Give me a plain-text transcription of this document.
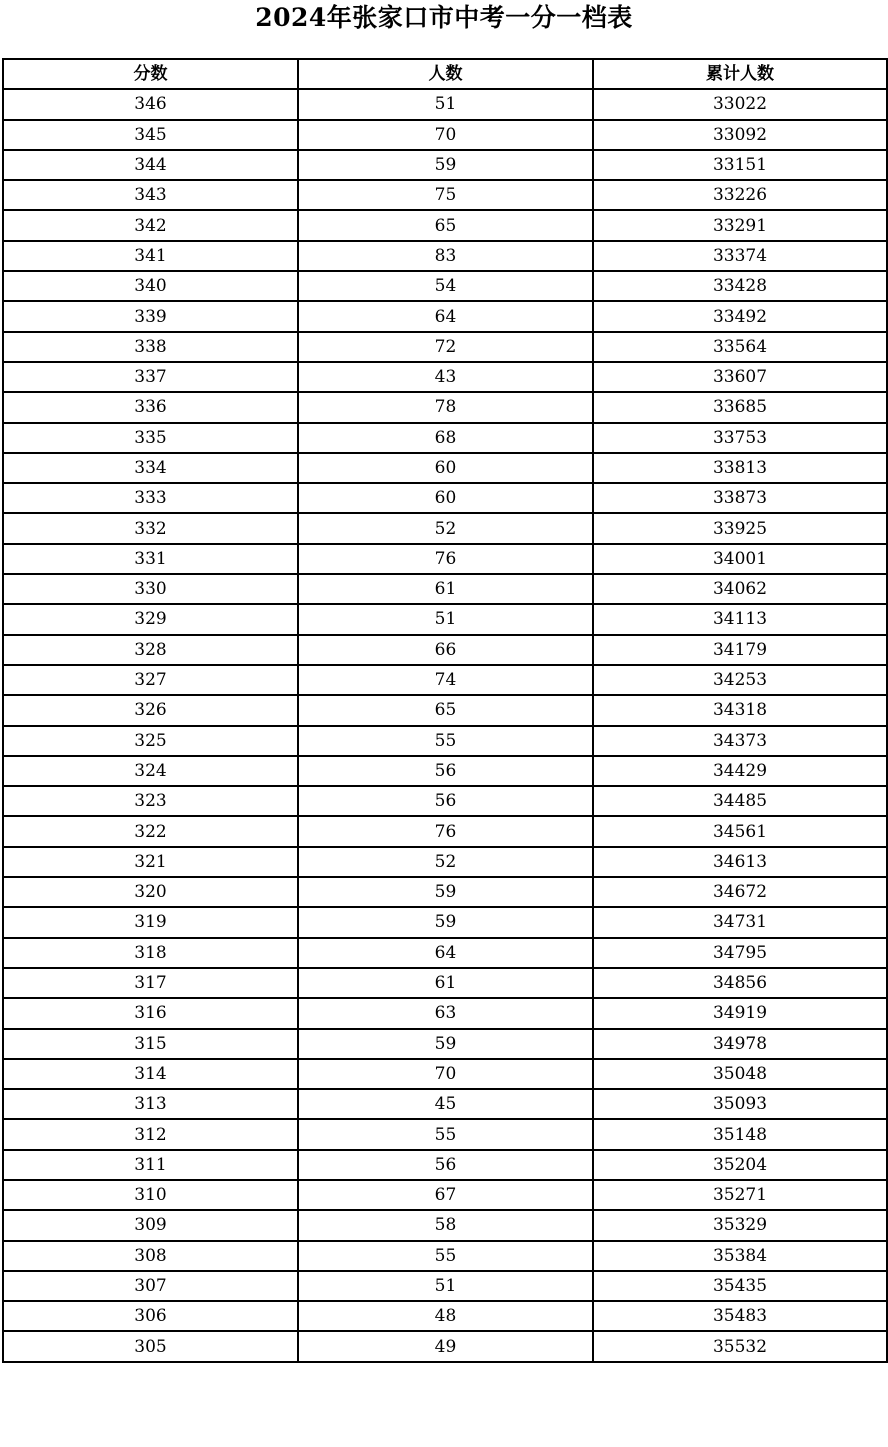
2024年张家口市中考一分一档表
分数	人数	累计人数
346	51	33022
345	70	33092
344	59	33151
343	75	33226
342	65	33291
341	83	33374
340	54	33428
339	64	33492
338	72	33564
337	43	33607
336	78	33685
335	68	33753
334	60	33813
333	60	33873
332	52	33925
331	76	34001
330	61	34062
329	51	34113
328	66	34179
327	74	34253
326	65	34318
325	55	34373
324	56	34429
323	56	34485
322	76	34561
321	52	34613
320	59	34672
319	59	34731
318	64	34795
317	61	34856
316	63	34919
315	59	34978
314	70	35048
313	45	35093
312	55	35148
311	56	35204
310	67	35271
309	58	35329
308	55	35384
307	51	35435
306	48	35483
305	49	35532
